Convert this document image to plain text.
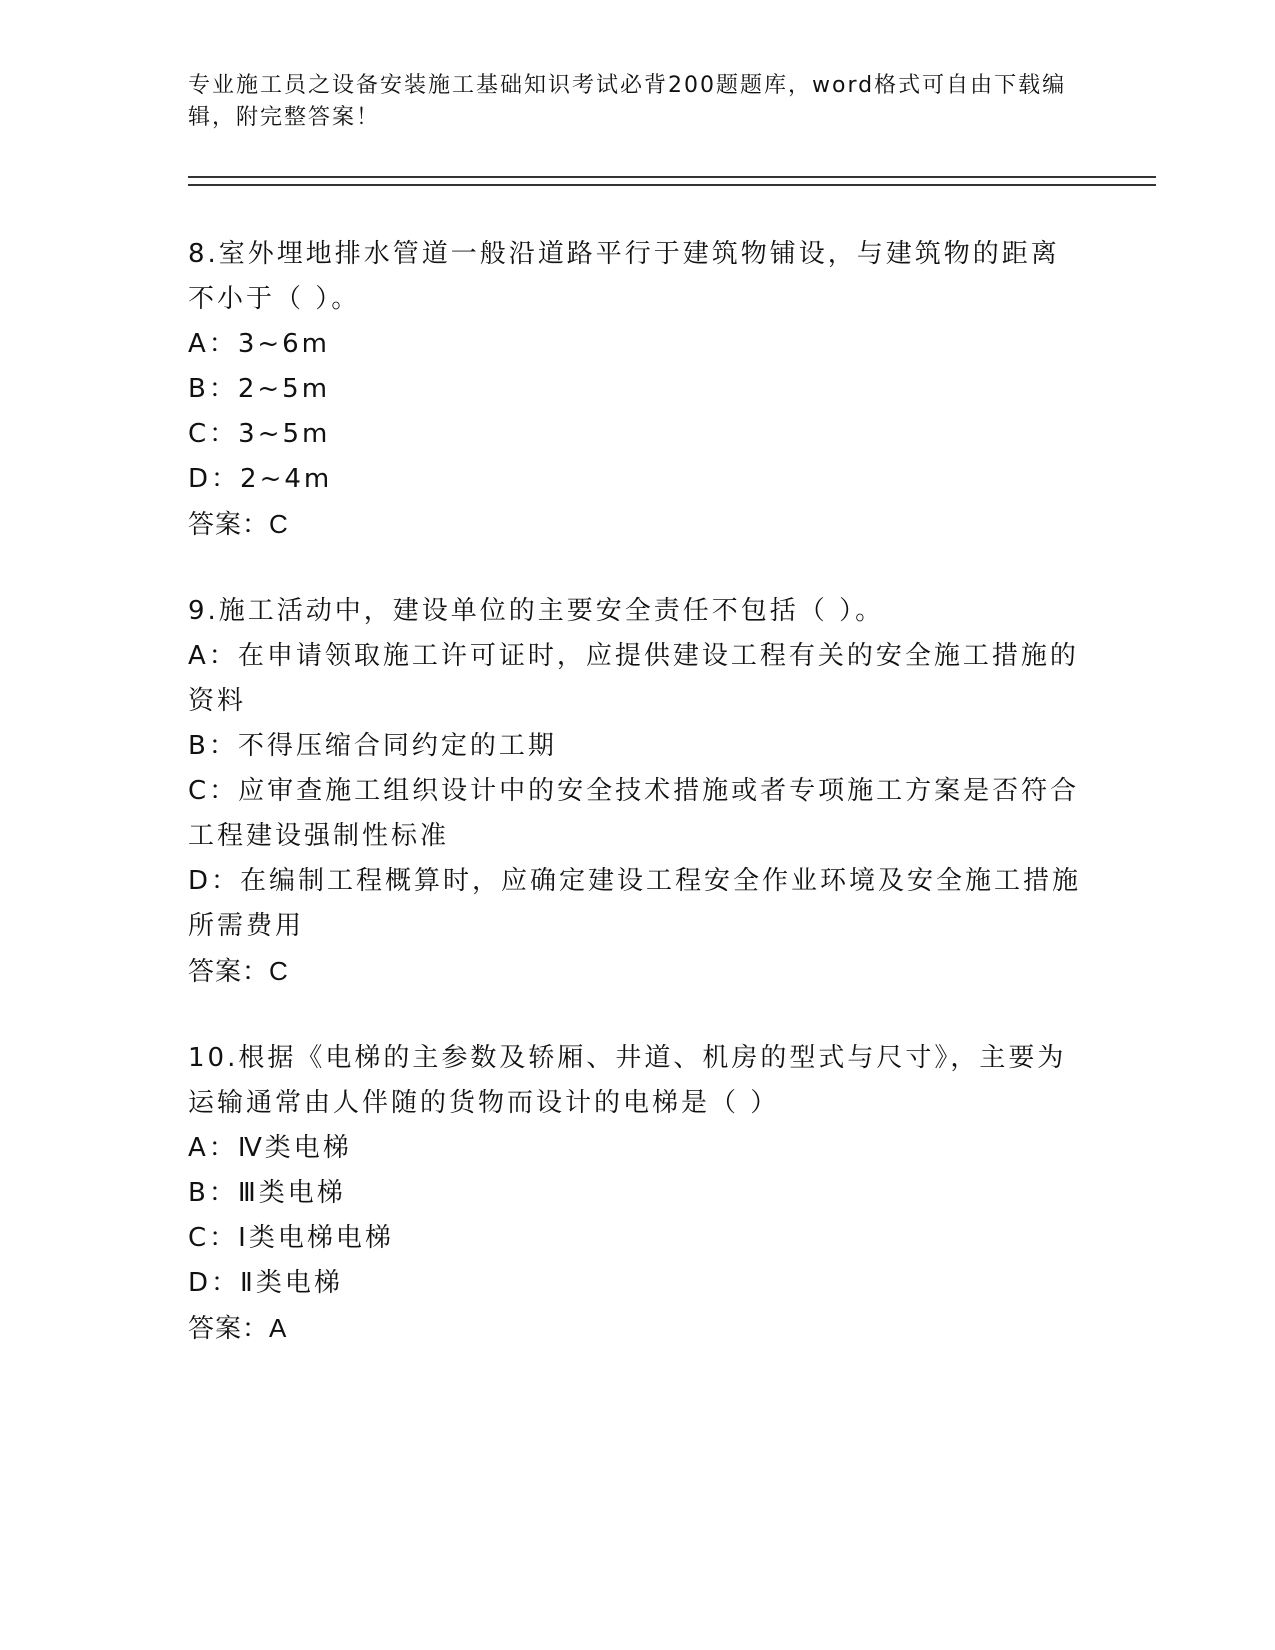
专业施工员之设备安装施工基础知识考试必背200题题库，word格式可自由下载编辑，附完整答案！
8.室外埋地排水管道一般沿道路平行于建筑物铺设，与建筑物的距离不小于（ ）。
A：3~6m
B：2~5m
C：3~5m
D：2~4m
答案：C
9.施工活动中，建设单位的主要安全责任不包括（ ）。
A：在申请领取施工许可证时，应提供建设工程有关的安全施工措施的资料
B：不得压缩合同约定的工期
C：应审查施工组织设计中的安全技术措施或者专项施工方案是否符合工程建设强制性标准
D：在编制工程概算时，应确定建设工程安全作业环境及安全施工措施所需费用
答案：C
10.根据《电梯的主参数及轿厢、井道、机房的型式与尺寸》，主要为运输通常由人伴随的货物而设计的电梯是（ ）
A：Ⅳ类电梯
B：Ⅲ类电梯
C：Ⅰ类电梯电梯
D：Ⅱ类电梯
答案：A
